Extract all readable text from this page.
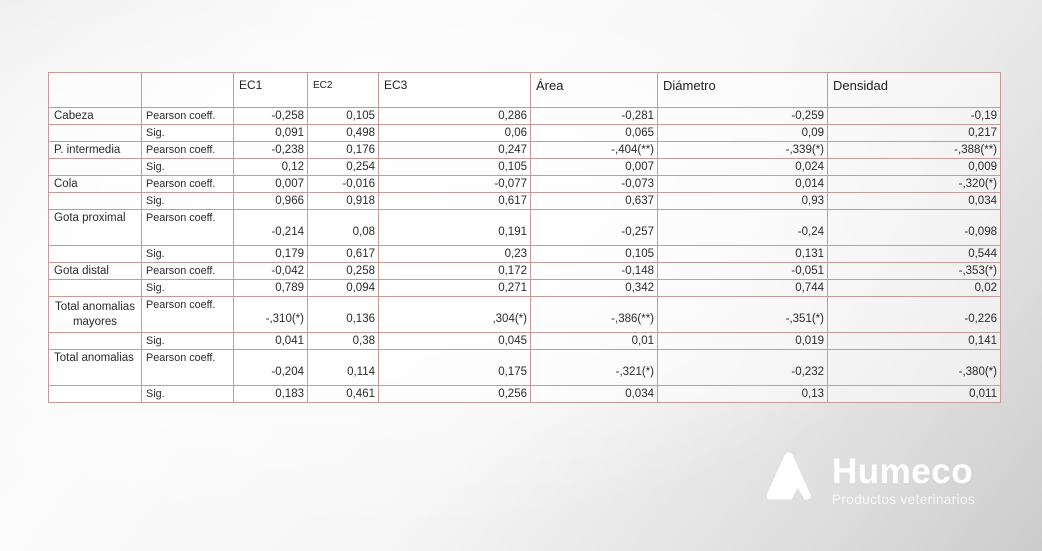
		EC1	EC2	EC3	Área	Diámetro	Densidad
Cabeza	Pearson coeff.	-0,258	0,105	0,286	-0,281	-0,259	-0,19
	Sig.	0,091	0,498	0,06	0,065	0,09	0,217
P. intermedia	Pearson coeff.	-0,238	0,176	0,247	-,404(**)	-,339(*)	-,388(**)
	Sig.	0,12	0,254	0,105	0,007	0,024	0,009
Cola	Pearson coeff.	0,007	-0,016	-0,077	-0,073	0,014	-,320(*)
	Sig.	0,966	0,918	0,617	0,637	0,93	0,034
Gota proximal	Pearson coeff.	-0,214	0,08	0,191	-0,257	-0,24	-0,098
	Sig.	0,179	0,617	0,23	0,105	0,131	0,544
Gota distal	Pearson coeff.	-0,042	0,258	0,172	-0,148	-0,051	-,353(*)
	Sig.	0,789	0,094	0,271	0,342	0,744	0,02
Total anomalias mayores	Pearson coeff.	-,310(*)	0,136	,304(*)	-,386(**)	-,351(*)	-0,226
	Sig.	0,041	0,38	0,045	0,01	0,019	0,141
Total anomalias	Pearson coeff.	-0,204	0,114	0,175	-,321(*)	-0,232	-,380(*)
	Sig.	0,183	0,461	0,256	0,034	0,13	0,011
Humeco
Productos veterinarios
